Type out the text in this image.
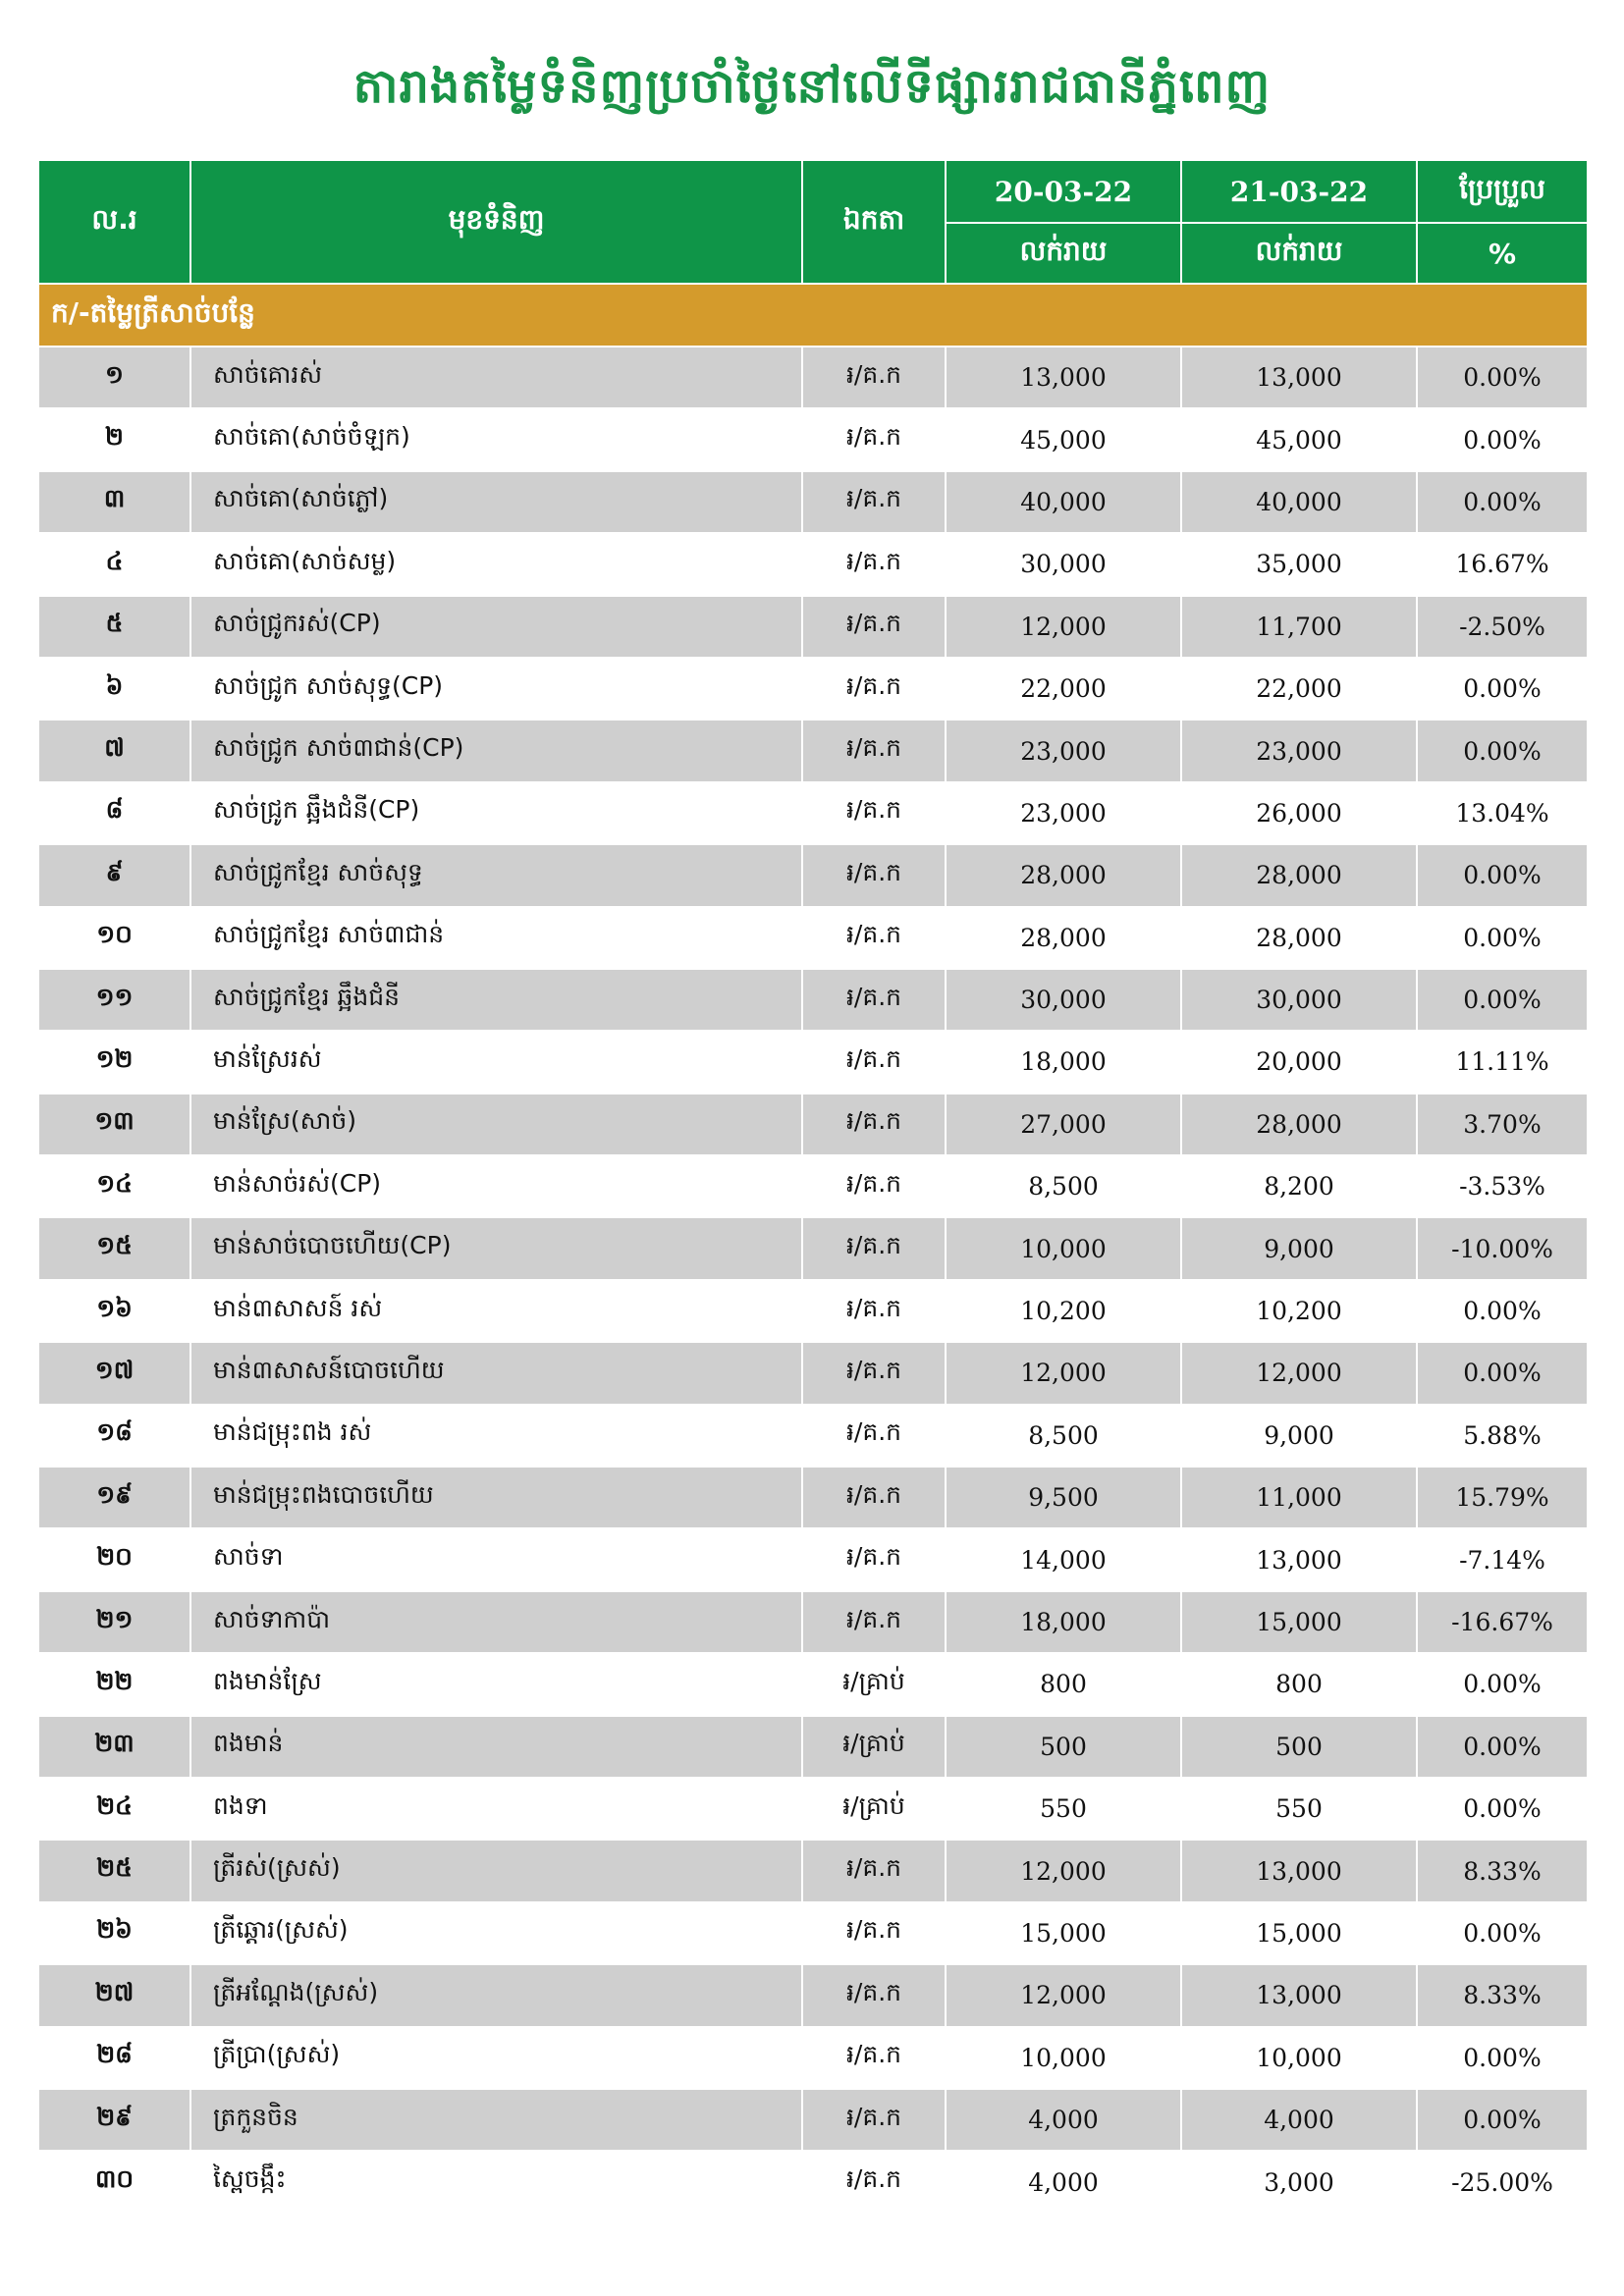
តារាងតម្លៃទំនិញប្រចាំថ្ងៃនៅលើទីផ្សាររាជធានីភ្នំពេញ
ល.រ	មុខទំនិញ	ឯកតា	20-03-22	21-03-22	ប្រែប្រួល
			លក់រាយ	លក់រាយ	%
ក/-តម្លៃត្រីសាច់បន្លែ					
១	សាច់គោរស់	៛/គ.ក	13,000	13,000	0.00%
២	សាច់គោ(សាច់ចំឡក)	៛/គ.ក	45,000	45,000	0.00%
៣	សាច់គោ(សាច់ភ្លៅ)	៛/គ.ក	40,000	40,000	0.00%
៤	សាច់គោ(សាច់សម្ល)	៛/គ.ក	30,000	35,000	16.67%
៥	សាច់ជ្រូករស់(CP)	៛/គ.ក	12,000	11,700	-2.50%
៦	សាច់ជ្រូក សាច់សុទ្ធ(CP)	៛/គ.ក	22,000	22,000	0.00%
៧	សាច់ជ្រូក សាច់៣ជាន់(CP)	៛/គ.ក	23,000	23,000	0.00%
៨	សាច់ជ្រូក ឆ្អឹងជំនី(CP)	៛/គ.ក	23,000	26,000	13.04%
៩	សាច់ជ្រូកខ្មែរ សាច់សុទ្ធ	៛/គ.ក	28,000	28,000	0.00%
១០	សាច់ជ្រូកខ្មែរ សាច់៣ជាន់	៛/គ.ក	28,000	28,000	0.00%
១១	សាច់ជ្រូកខ្មែរ ឆ្អឹងជំនី	៛/គ.ក	30,000	30,000	0.00%
១២	មាន់ស្រែរស់	៛/គ.ក	18,000	20,000	11.11%
១៣	មាន់ស្រែ(សាច់)	៛/គ.ក	27,000	28,000	3.70%
១៤	មាន់សាច់រស់(CP)	៛/គ.ក	8,500	8,200	-3.53%
១៥	មាន់សាច់បោចហើយ(CP)	៛/គ.ក	10,000	9,000	-10.00%
១៦	មាន់៣សាសន៍ រស់	៛/គ.ក	10,200	10,200	0.00%
១៧	មាន់៣សាសន៍បោចហើយ	៛/គ.ក	12,000	12,000	0.00%
១៨	មាន់ជម្រុះពង រស់	៛/គ.ក	8,500	9,000	5.88%
១៩	មាន់ជម្រុះពងបោចហើយ	៛/គ.ក	9,500	11,000	15.79%
២០	សាច់ទា	៛/គ.ក	14,000	13,000	-7.14%
២១	សាច់ទាកាប៉ា	៛/គ.ក	18,000	15,000	-16.67%
២២	ពងមាន់ស្រែ	៛/គ្រាប់	800	800	0.00%
២៣	ពងមាន់	៛/គ្រាប់	500	500	0.00%
២៤	ពងទា	៛/គ្រាប់	550	550	0.00%
២៥	ត្រីរស់(ស្រស់)	៛/គ.ក	12,000	13,000	8.33%
២៦	ត្រីឆ្តោរ(ស្រស់)	៛/គ.ក	15,000	15,000	0.00%
២៧	ត្រីអណ្តែង(ស្រស់)	៛/គ.ក	12,000	13,000	8.33%
២៨	ត្រីប្រា(ស្រស់)	៛/គ.ក	10,000	10,000	0.00%
២៩	ត្រកួនចិន	៛/គ.ក	4,000	4,000	0.00%
៣០	ស្ពៃចង្កឹះ	៛/គ.ក	4,000	3,000	-25.00%
